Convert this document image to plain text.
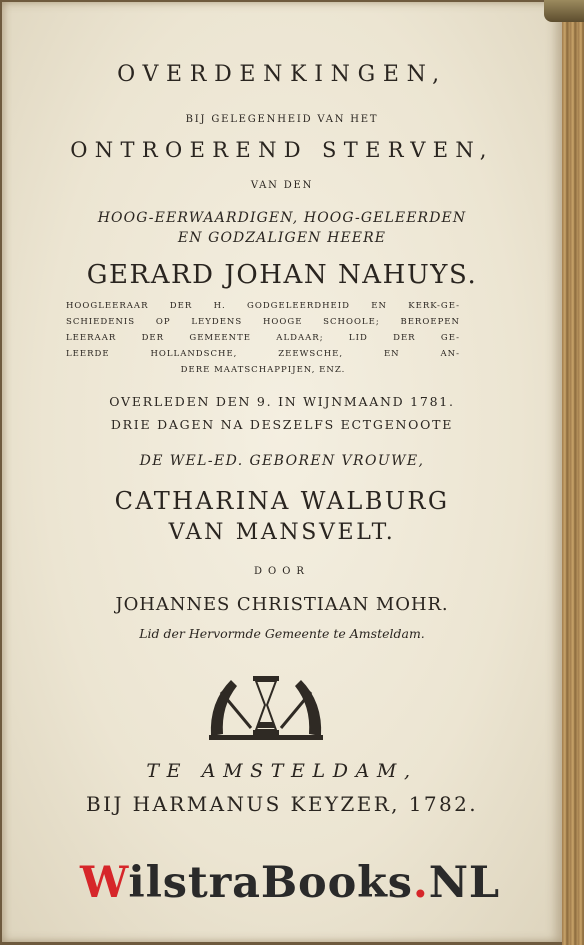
OVERDENKINGEN,
BIJ GELEGENHEID VAN HET
ONTROEREND STERVEN,
VAN DEN
HOOG-EERWAARDIGEN, HOOG-GELEERDEN
EN GODZALIGEN HEERE
GERARD JOHAN NAHUYS.
HOOGLEERAAR DER H. GODGELEERDHEID EN KERK-GE-
SCHIEDENIS OP LEYDENS HOOGE SCHOOLE; BEROEPEN
LEERAAR DER GEMEENTE ALDAAR; LID DER GE-
LEERDE HOLLANDSCHE, ZEEWSCHE, EN AN-
DERE MAATSCHAPPIJEN, ENZ.
OVERLEDEN DEN 9. IN WIJNMAAND 1781.
DRIE DAGEN NA DESZELFS ECTGENOOTE
DE WEL-ED. GEBOREN VROUWE,
CATHARINA WALBURG
VAN MANSVELT.
DOOR
JOHANNES CHRISTIAAN MOHR.
Lid der Hervormde Gemeente te Amsteldam.
TE AMSTELDAM,
BIJ HARMANUS KEYZER, 1782.
WilstraBooks.NL
